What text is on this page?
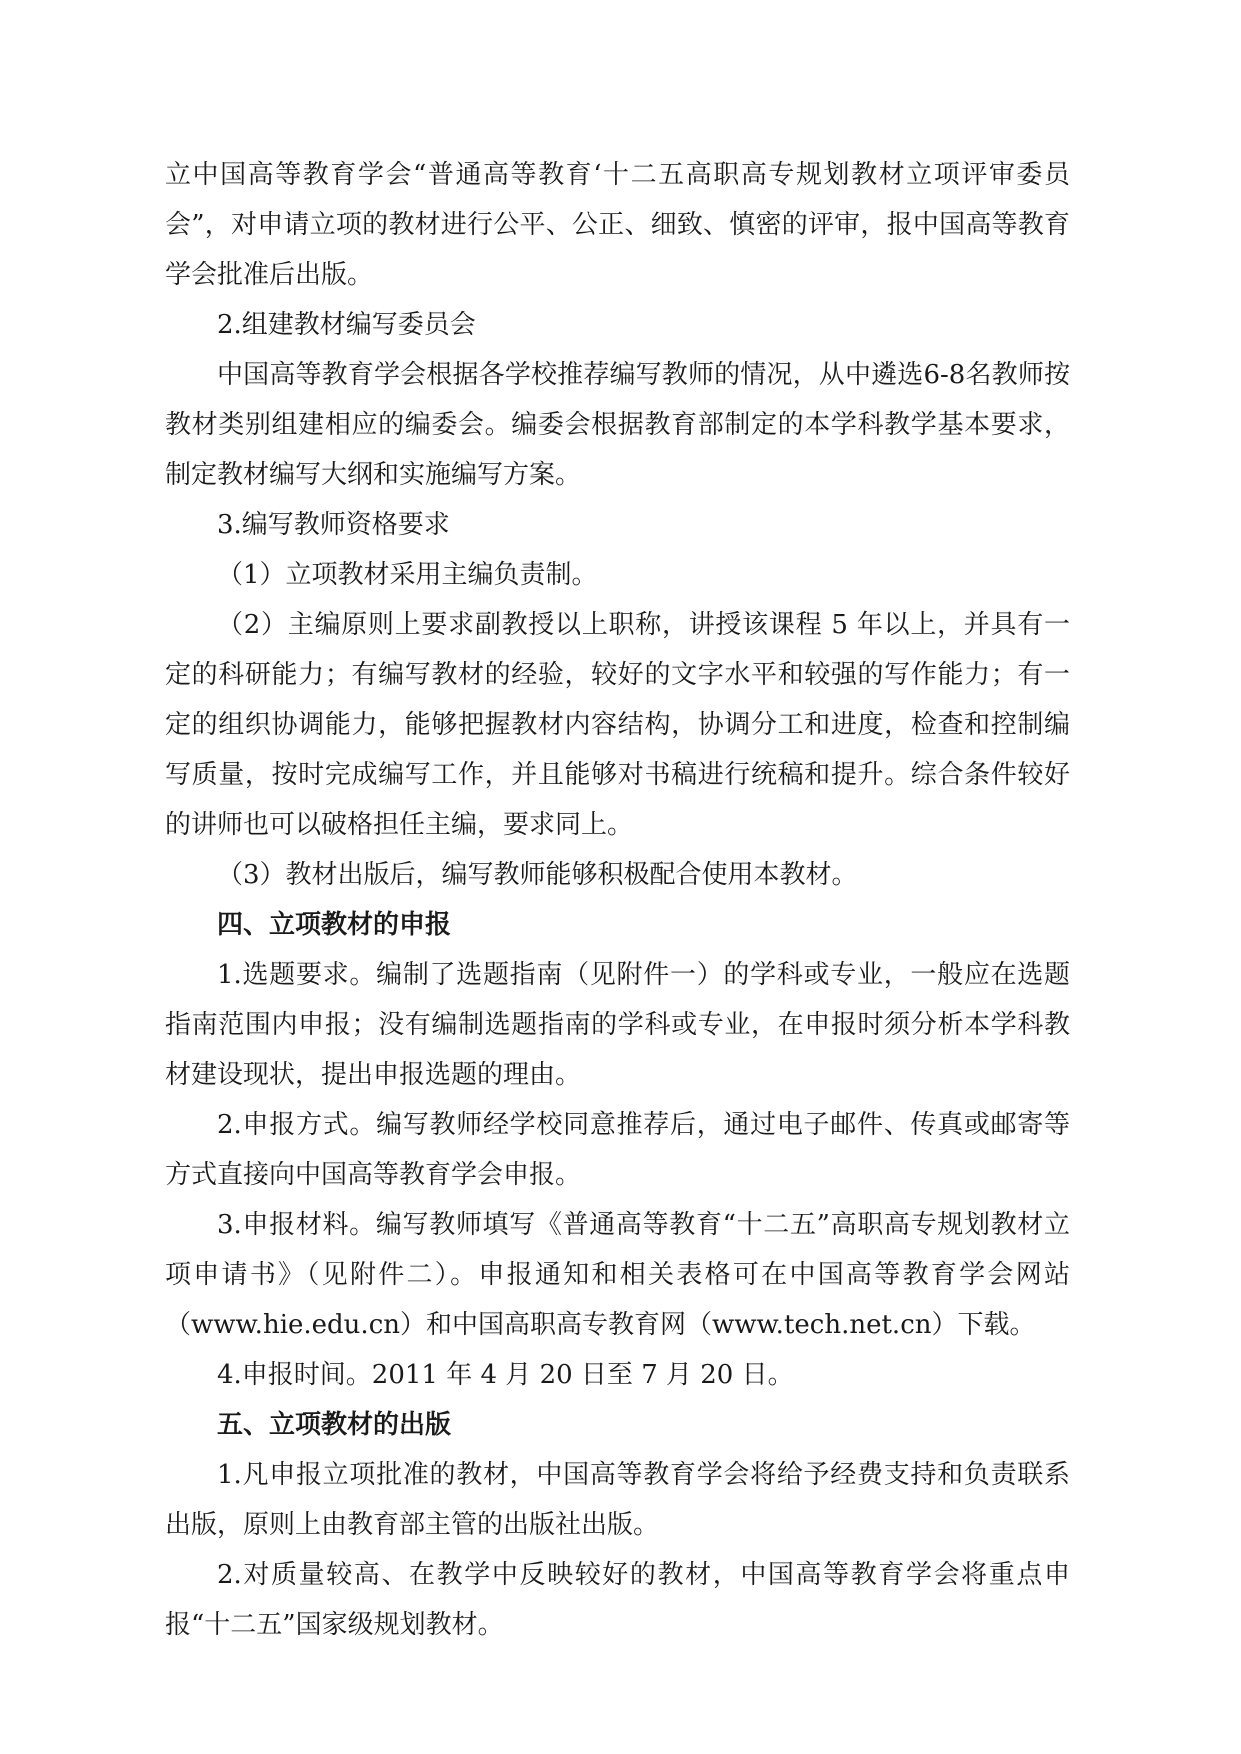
立中国高等教育学会“普通高等教育‘十二五高职高专规划教材立项评审委员会”，对申请立项的教材进行公平、公正、细致、慎密的评审，报中国高等教育学会批准后出版。

2.组建教材编写委员会

中国高等教育学会根据各学校推荐编写教师的情况，从中遴选6-8名教师按教材类别组建相应的编委会。编委会根据教育部制定的本学科教学基本要求，制定教材编写大纲和实施编写方案。

3.编写教师资格要求

（1）立项教材采用主编负责制。

（2）主编原则上要求副教授以上职称，讲授该课程 5 年以上，并具有一定的科研能力；有编写教材的经验，较好的文字水平和较强的写作能力；有一定的组织协调能力，能够把握教材内容结构，协调分工和进度，检查和控制编写质量，按时完成编写工作，并且能够对书稿进行统稿和提升。综合条件较好的讲师也可以破格担任主编，要求同上。

（3）教材出版后，编写教师能够积极配合使用本教材。

四、立项教材的申报

1.选题要求。编制了选题指南（见附件一）的学科或专业，一般应在选题指南范围内申报；没有编制选题指南的学科或专业，在申报时须分析本学科教材建设现状，提出申报选题的理由。

2.申报方式。编写教师经学校同意推荐后，通过电子邮件、传真或邮寄等方式直接向中国高等教育学会申报。

3.申报材料。编写教师填写《普通高等教育“十二五”高职高专规划教材立项申请书》（见附件二）。申报通知和相关表格可在中国高等教育学会网站（www.hie.edu.cn）和中国高职高专教育网（www.tech.net.cn）下载。

4.申报时间。2011 年 4 月 20 日至 7 月 20 日。

五、立项教材的出版

1.凡申报立项批准的教材，中国高等教育学会将给予经费支持和负责联系出版，原则上由教育部主管的出版社出版。

2.对质量较高、在教学中反映较好的教材，中国高等教育学会将重点申报“十二五”国家级规划教材。
